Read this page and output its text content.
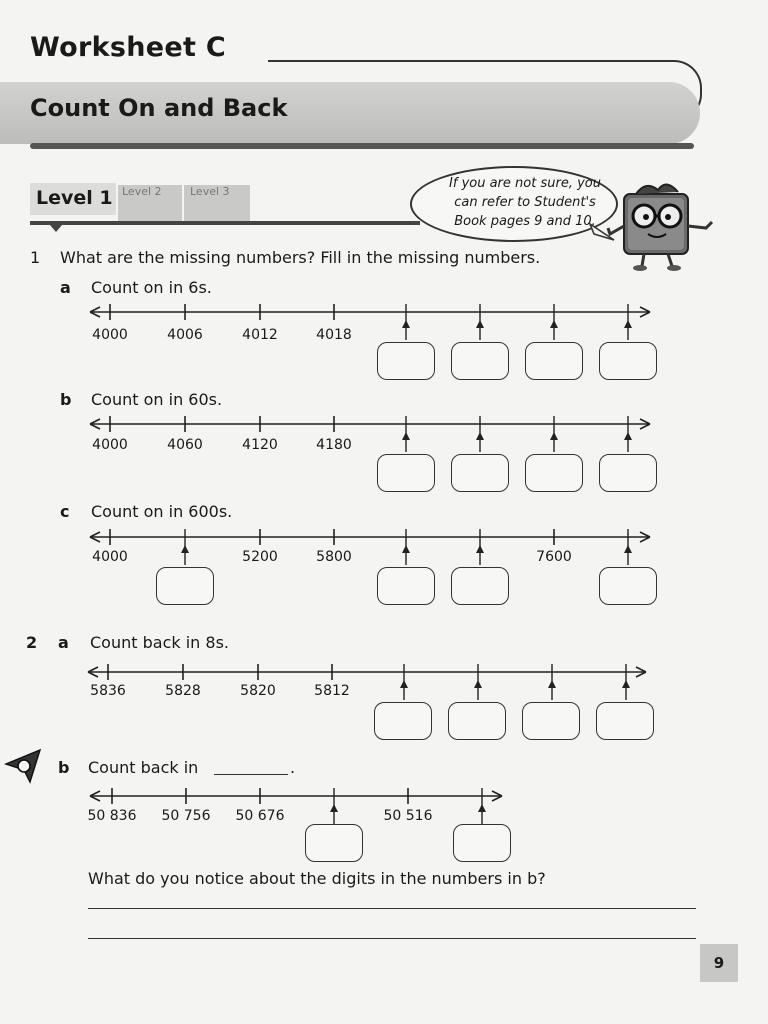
Worksheet C
Count On and Back
Level 1 Level 2	Level 3
If you are not sure, you
can refer to Student's
Book pages 9 and 10.
1 What are the missing numbers? Fill in the missing numbers.
a Count on in 6s.
4000	4006	4012	4018
b Count on in 60s.
4000	4060	4120	4180
c Count on in 600s.
4000	5200	5800	7600
2 a Count back in 8s.
5836	5828	5820	5812
b Count back in	.
50 836	50 756	50 676	50 516
What do you notice about the digits in the numbers in b?
9
